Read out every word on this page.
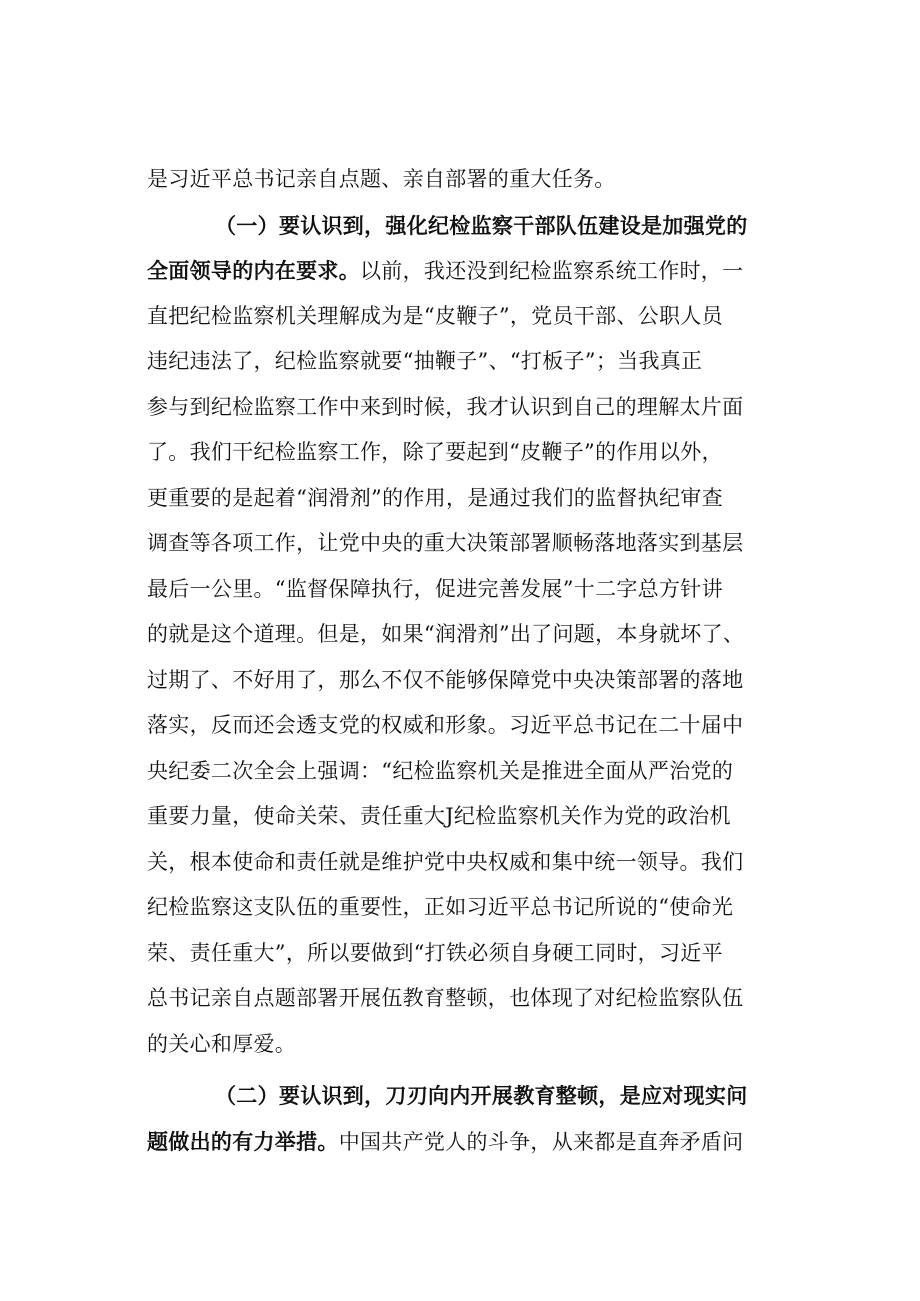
是习近平总书记亲自点题、亲自部署的重大任务。
（一）要认识到，强化纪检监察干部队伍建设是加强党的
全面领导的内在要求。以前，我还没到纪检监察系统工作时，一
直把纪检监察机关理解成为是“皮鞭子”，党员干部、公职人员
违纪违法了，纪检监察就要“抽鞭子”、“打板子”；当我真正
参与到纪检监察工作中来到时候，我才认识到自己的理解太片面
了。我们干纪检监察工作，除了要起到“皮鞭子”的作用以外，
更重要的是起着“润滑剂”的作用，是通过我们的监督执纪审查
调查等各项工作，让党中央的重大决策部署顺畅落地落实到基层
最后一公里。“监督保障执行，促进完善发展”十二字总方针讲
的就是这个道理。但是，如果“润滑剂”出了问题，本身就坏了、
过期了、不好用了，那么不仅不能够保障党中央决策部署的落地
落实，反而还会透支党的权威和形象。习近平总书记在二十届中
央纪委二次全会上强调：“纪检监察机关是推进全面从严治党的
重要力量，使命关荣、责任重大J纪检监察机关作为党的政治机
关，根本使命和责任就是维护党中央权威和集中统一领导。我们
纪检监察这支队伍的重要性，正如习近平总书记所说的“使命光
荣、责任重大”，所以要做到“打铁必须自身硬工同时，习近平
总书记亲自点题部署开展伍教育整顿，也体现了对纪检监察队伍
的关心和厚爱。
（二）要认识到，刀刃向内开展教育整顿，是应对现实问
题做出的有力举措。中国共产党人的斗争，从来都是直奔矛盾问
